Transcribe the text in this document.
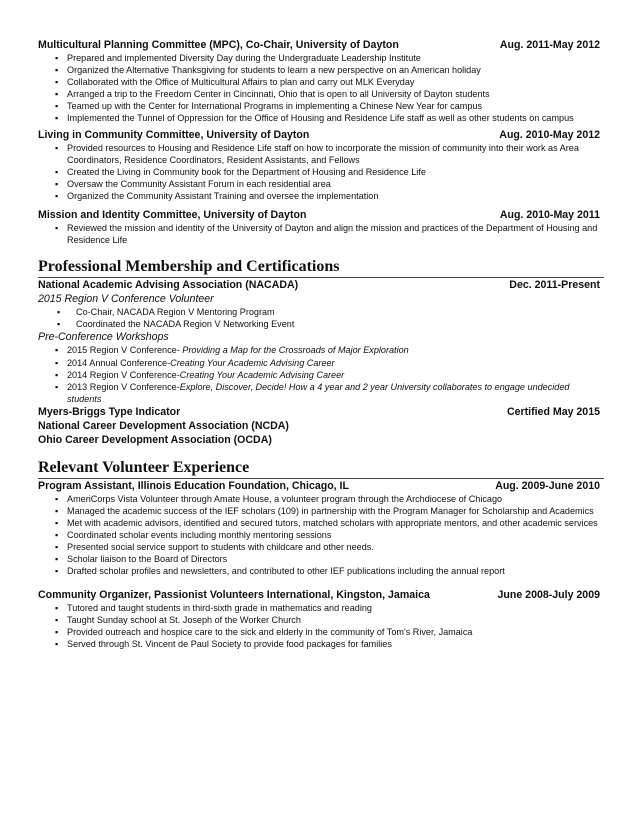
Multicultural Planning Committee (MPC), Co-Chair, University of Dayton	Aug. 2011-May 2012
▪ Prepared and implemented Diversity Day during the Undergraduate Leadership Institute
▪ Organized the Alternative Thanksgiving for students to learn a new perspective on an American holiday
▪ Collaborated with the Office of Multicultural Affairs to plan and carry out MLK Everyday
▪ Arranged a trip to the Freedom Center in Cincinnati, Ohio that is open to all University of Dayton students
▪ Teamed up with the Center for International Programs in implementing a Chinese New Year for campus
▪ Implemented the Tunnel of Oppression for the Office of Housing and Residence Life staff as well as other students on campus
Living in Community Committee, University of Dayton	Aug. 2010-May 2012
▪ Provided resources to Housing and Residence Life staff on how to incorporate the mission of community into their work as Area Coordinators, Residence Coordinators, Resident Assistants, and Fellows
▪ Created the Living in Community book for the Department of Housing and Residence Life
▪ Oversaw the Community Assistant Forum in each residential area
▪ Organized the Community Assistant Training and oversee the implementation
Mission and Identity Committee, University of Dayton	Aug. 2010-May 2011
▪ Reviewed the mission and identity of the University of Dayton and align the mission and practices of the Department of Housing and Residence Life
Professional Membership and Certifications
National Academic Advising Association (NACADA)	Dec. 2011-Present
2015 Region V Conference Volunteer
▪ Co-Chair, NACADA Region V Mentoring Program
▪ Coordinated the NACADA Region V Networking Event
Pre-Conference Workshops
▪ 2015 Region V Conference- Providing a Map for the Crossroads of Major Exploration
▪ 2014 Annual Conference-Creating Your Academic Advising Career
▪ 2014 Region V Conference-Creating Your Academic Advising Career
▪ 2013 Region V Conference-Explore, Discover, Decide! How a 4 year and 2 year University collaborates to engage undecided students
Myers-Briggs Type Indicator	Certified May 2015
National Career Development Association (NCDA)
Ohio Career Development Association (OCDA)
Relevant Volunteer Experience
Program Assistant, Illinois Education Foundation, Chicago, IL	Aug. 2009-June 2010
▪ AmeriCorps Vista Volunteer through Amate House, a volunteer program through the Archdiocese of Chicago
▪ Managed the academic success of the IEF scholars (109) in partnership with the Program Manager for Scholarship and Academics
▪ Met with academic advisors, identified and secured tutors, matched scholars with appropriate mentors, and other academic services
▪ Coordinated scholar events including monthly mentoring sessions
▪ Presented social service support to students with childcare and other needs.
▪ Scholar liaison to the Board of Directors
▪ Drafted scholar profiles and newsletters, and contributed to other IEF publications including the annual report
Community Organizer, Passionist Volunteers International, Kingston, Jamaica	June 2008-July 2009
▪ Tutored and taught students in third-sixth grade in mathematics and reading
▪ Taught Sunday school at St. Joseph of the Worker Church
▪ Provided outreach and hospice care to the sick and elderly in the community of Tom's River, Jamaica
▪ Served through St. Vincent de Paul Society to provide food packages for families
